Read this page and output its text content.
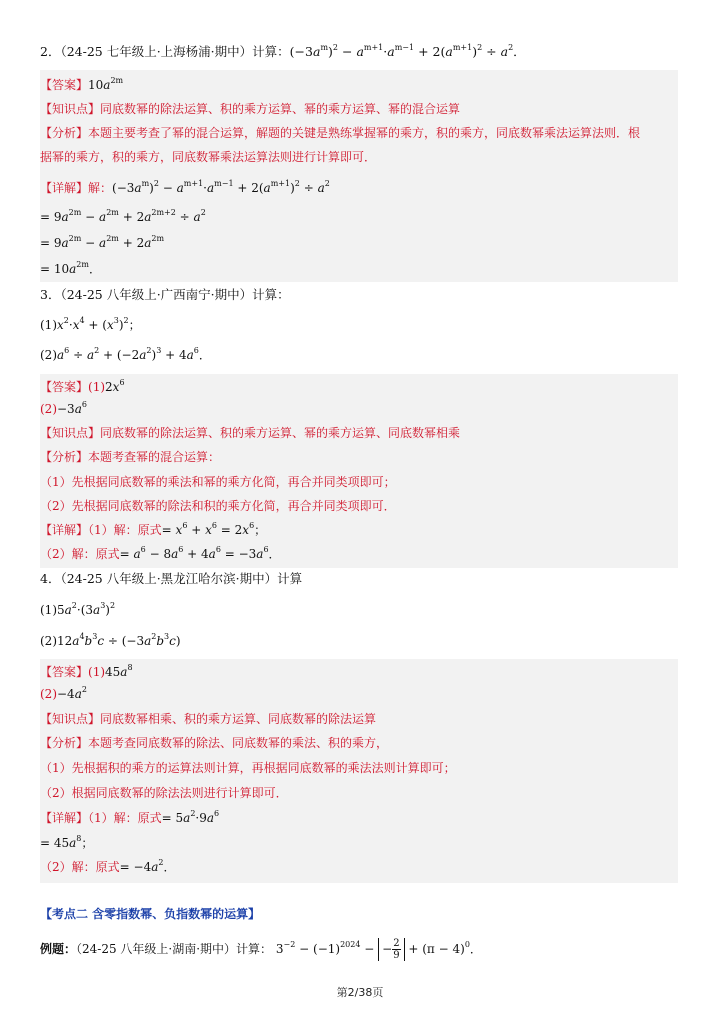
2．（24-25 七年级上·上海杨浦·期中）计算：$(-3a^m)^2 - a^{m+1}\cdot a^{m-1} + 2(a^{m+1})^2 \div a^2$．
【答案】$10a^{2m}$
【知识点】同底数幂的除法运算、积的乘方运算、幂的乘方运算、幂的混合运算
【分析】本题主要考查了幂的混合运算，解题的关键是熟练掌握幂的乘方，积的乘方，同底数幂乘法运算法则．根
据幂的乘方，积的乘方，同底数幂乘法运算法则进行计算即可．
【详解】解：$(-3a^m)^2 - a^{m+1}\cdot a^{m-1} + 2(a^{m+1})^2 \div a^2$
= $9a^{2m} - a^{2m} + 2a^{2m+2} \div a^2$
= $9a^{2m} - a^{2m} + 2a^{2m}$
= $10a^{2m}$．
3．（24-25 八年级上·广西南宁·期中）计算：
$(1)x^2\cdot x^4 + (x^3)^2$；
$(2)a^6 \div a^2 + (-2a^2)^3 + 4a^6$．
【答案】$(1)2x^6$
$(2)-3a^6$
【知识点】同底数幂的除法运算、积的乘方运算、幂的乘方运算、同底数幂相乘
【分析】本题考查幂的混合运算：
（1）先根据同底数幂的乘法和幂的乘方化简，再合并同类项即可；
（2）先根据同底数幂的除法和积的乘方化简，再合并同类项即可．
【详解】（1）解：原式= $x^6 + x^6 = 2x^6$；
（2）解：原式= $a^6 - 8a^6 + 4a^6 = -3a^6$．
4．（24-25 八年级上·黑龙江哈尔滨·期中）计算
$(1)5a^2\cdot(3a^3)^2$
$(2)12a^4b^3c \div (-3a^2b^3c)$
【答案】$(1)45a^8$
$(2)-4a^2$
【知识点】同底数幂相乘、积的乘方运算、同底数幂的除法运算
【分析】本题考查同底数幂的除法、同底数幂的乘法、积的乘方，
（1）先根据积的乘方的运算法则计算，再根据同底数幂的乘法法则计算即可；
（2）根据同底数幂的除法法则进行计算即可．
【详解】（1）解：原式= $5a^2\cdot 9a^6$
= $45a^8$；
（2）解：原式= $-4a^2$．
【考点二 含零指数幂、负指数幂的运算】
例题：（24-25 八年级上·湖南·期中）计算： $3^{-2} - (-1)^{2024}$ − − $\frac{2}{9} + (\pi - 4)^0$．
第2/38页
